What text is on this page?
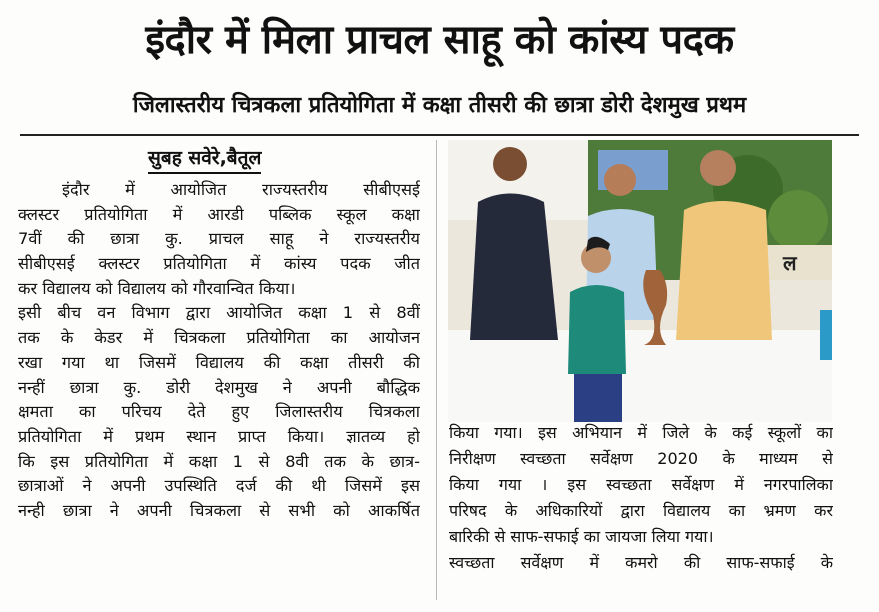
इंदौर में मिला प्राचल साहू को कांस्य पदक
जिलास्तरीय चित्रकला प्रतियोगिता में कक्षा तीसरी की छात्रा डोरी देशमुख प्रथम
सुबह सवेरे,बैतूल
इंदौर में आयोजित राज्यस्तरीय सीबीएसई
क्लस्टर प्रतियोगिता में आरडी पब्लिक स्कूल कक्षा
7वीं की छात्रा कु. प्राचल साहू ने राज्यस्तरीय
सीबीएसई क्लस्टर प्रतियोगिता में कांस्य पदक जीत
कर विद्यालय को विद्यालय को गौरवान्वित किया।
इसी बीच वन विभाग द्वारा आयोजित कक्षा 1 से 8वीं
तक के केडर में चित्रकला प्रतियोगिता का आयोजन
रखा गया था जिसमें विद्यालय की कक्षा तीसरी की
नन्हीं छात्रा कु. डोरी देशमुख ने अपनी बौद्धिक
क्षमता का परिचय देते हुए जिलास्तरीय चित्रकला
प्रतियोगिता में प्रथम स्थान प्राप्त किया। ज्ञातव्य हो
कि इस प्रतियोगिता में कक्षा 1 से 8वी तक के छात्र-
छात्राओं ने अपनी उपस्थिति दर्ज की थी जिसमें इस
नन्ही छात्रा ने अपनी चित्रकला से सभी को आकर्षित
ल
किया गया। इस अभियान में जिले के कई स्कूलों का
निरीक्षण स्वच्छता सर्वेक्षण 2020 के माध्यम से
किया गया । इस स्वच्छता सर्वेक्षण में नगरपालिका
परिषद के अधिकारियों द्वारा विद्यालय का भ्रमण कर
बारिकी से साफ-सफाई का जायजा लिया गया।
स्वच्छता सर्वेक्षण में कमरो की साफ-सफाई के
